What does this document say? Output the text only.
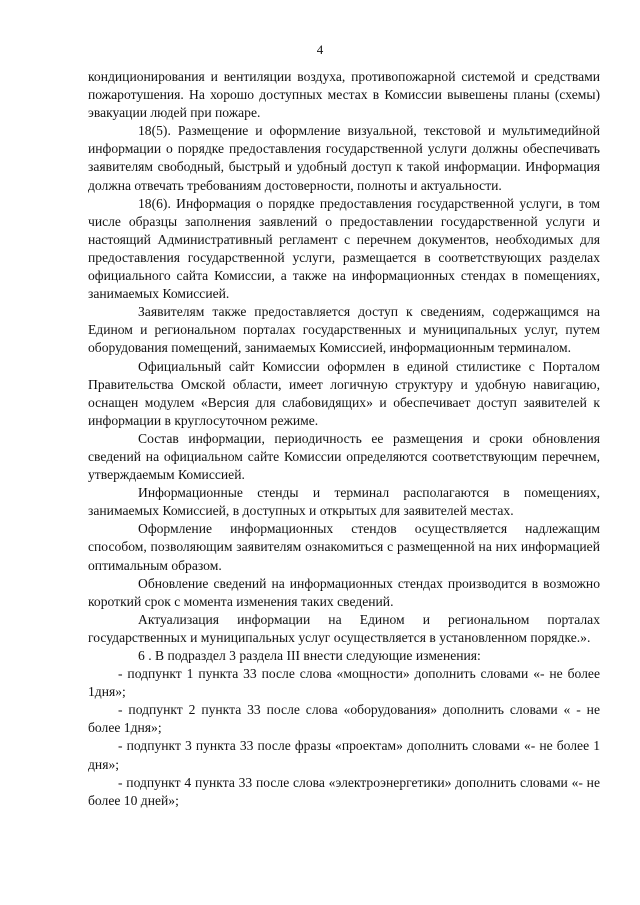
4

кондиционирования и вентиляции воздуха, противопожарной системой и средствами пожаротушения. На хорошо доступных местах в Комиссии вывешены планы (схемы) эвакуации людей при пожаре.

18(5). Размещение и оформление визуальной, текстовой и мультимедийной информации о порядке предоставления государственной услуги должны обеспечивать заявителям свободный, быстрый и удобный доступ к такой информации. Информация должна отвечать требованиям достоверности, полноты и актуальности.

18(6). Информация о порядке предоставления государственной услуги, в том числе образцы заполнения заявлений о предоставлении государственной услуги и настоящий Административный регламент с перечнем документов, необходимых для предоставления государственной услуги, размещается в соответствующих разделах официального сайта Комиссии, а также на информационных стендах в помещениях, занимаемых Комиссией.

Заявителям также предоставляется доступ к сведениям, содержащимся на Едином и региональном порталах государственных и муниципальных услуг, путем оборудования помещений, занимаемых Комиссией, информационным терминалом.

Официальный сайт Комиссии оформлен в единой стилистике с Порталом Правительства Омской области, имеет логичную структуру и удобную навигацию, оснащен модулем «Версия для слабовидящих» и обеспечивает доступ заявителей к информации в круглосуточном режиме.

Состав информации, периодичность ее размещения и сроки обновления сведений на официальном сайте Комиссии определяются соответствующим перечнем, утверждаемым Комиссией.

Информационные стенды и терминал располагаются в помещениях, занимаемых Комиссией, в доступных и открытых для заявителей местах.

Оформление информационных стендов осуществляется надлежащим способом, позволяющим заявителям ознакомиться с размещенной на них информацией оптимальным образом.

Обновление сведений на информационных стендах производится в возможно короткий срок с момента изменения таких сведений.

Актуализация информации на Едином и региональном порталах государственных и муниципальных услуг осуществляется в установленном порядке.».

6 . В подраздел 3 раздела III внести следующие изменения:

- подпункт 1 пункта 33 после слова «мощности» дополнить словами «- не более 1дня»;

- подпункт 2 пункта 33 после слова «оборудования» дополнить словами « - не более 1дня»;

- подпункт 3 пункта 33 после фразы «проектам» дополнить словами «- не более 1 дня»;

- подпункт 4 пункта 33 после слова «электроэнергетики» дополнить словами «- не более 10 дней»;
